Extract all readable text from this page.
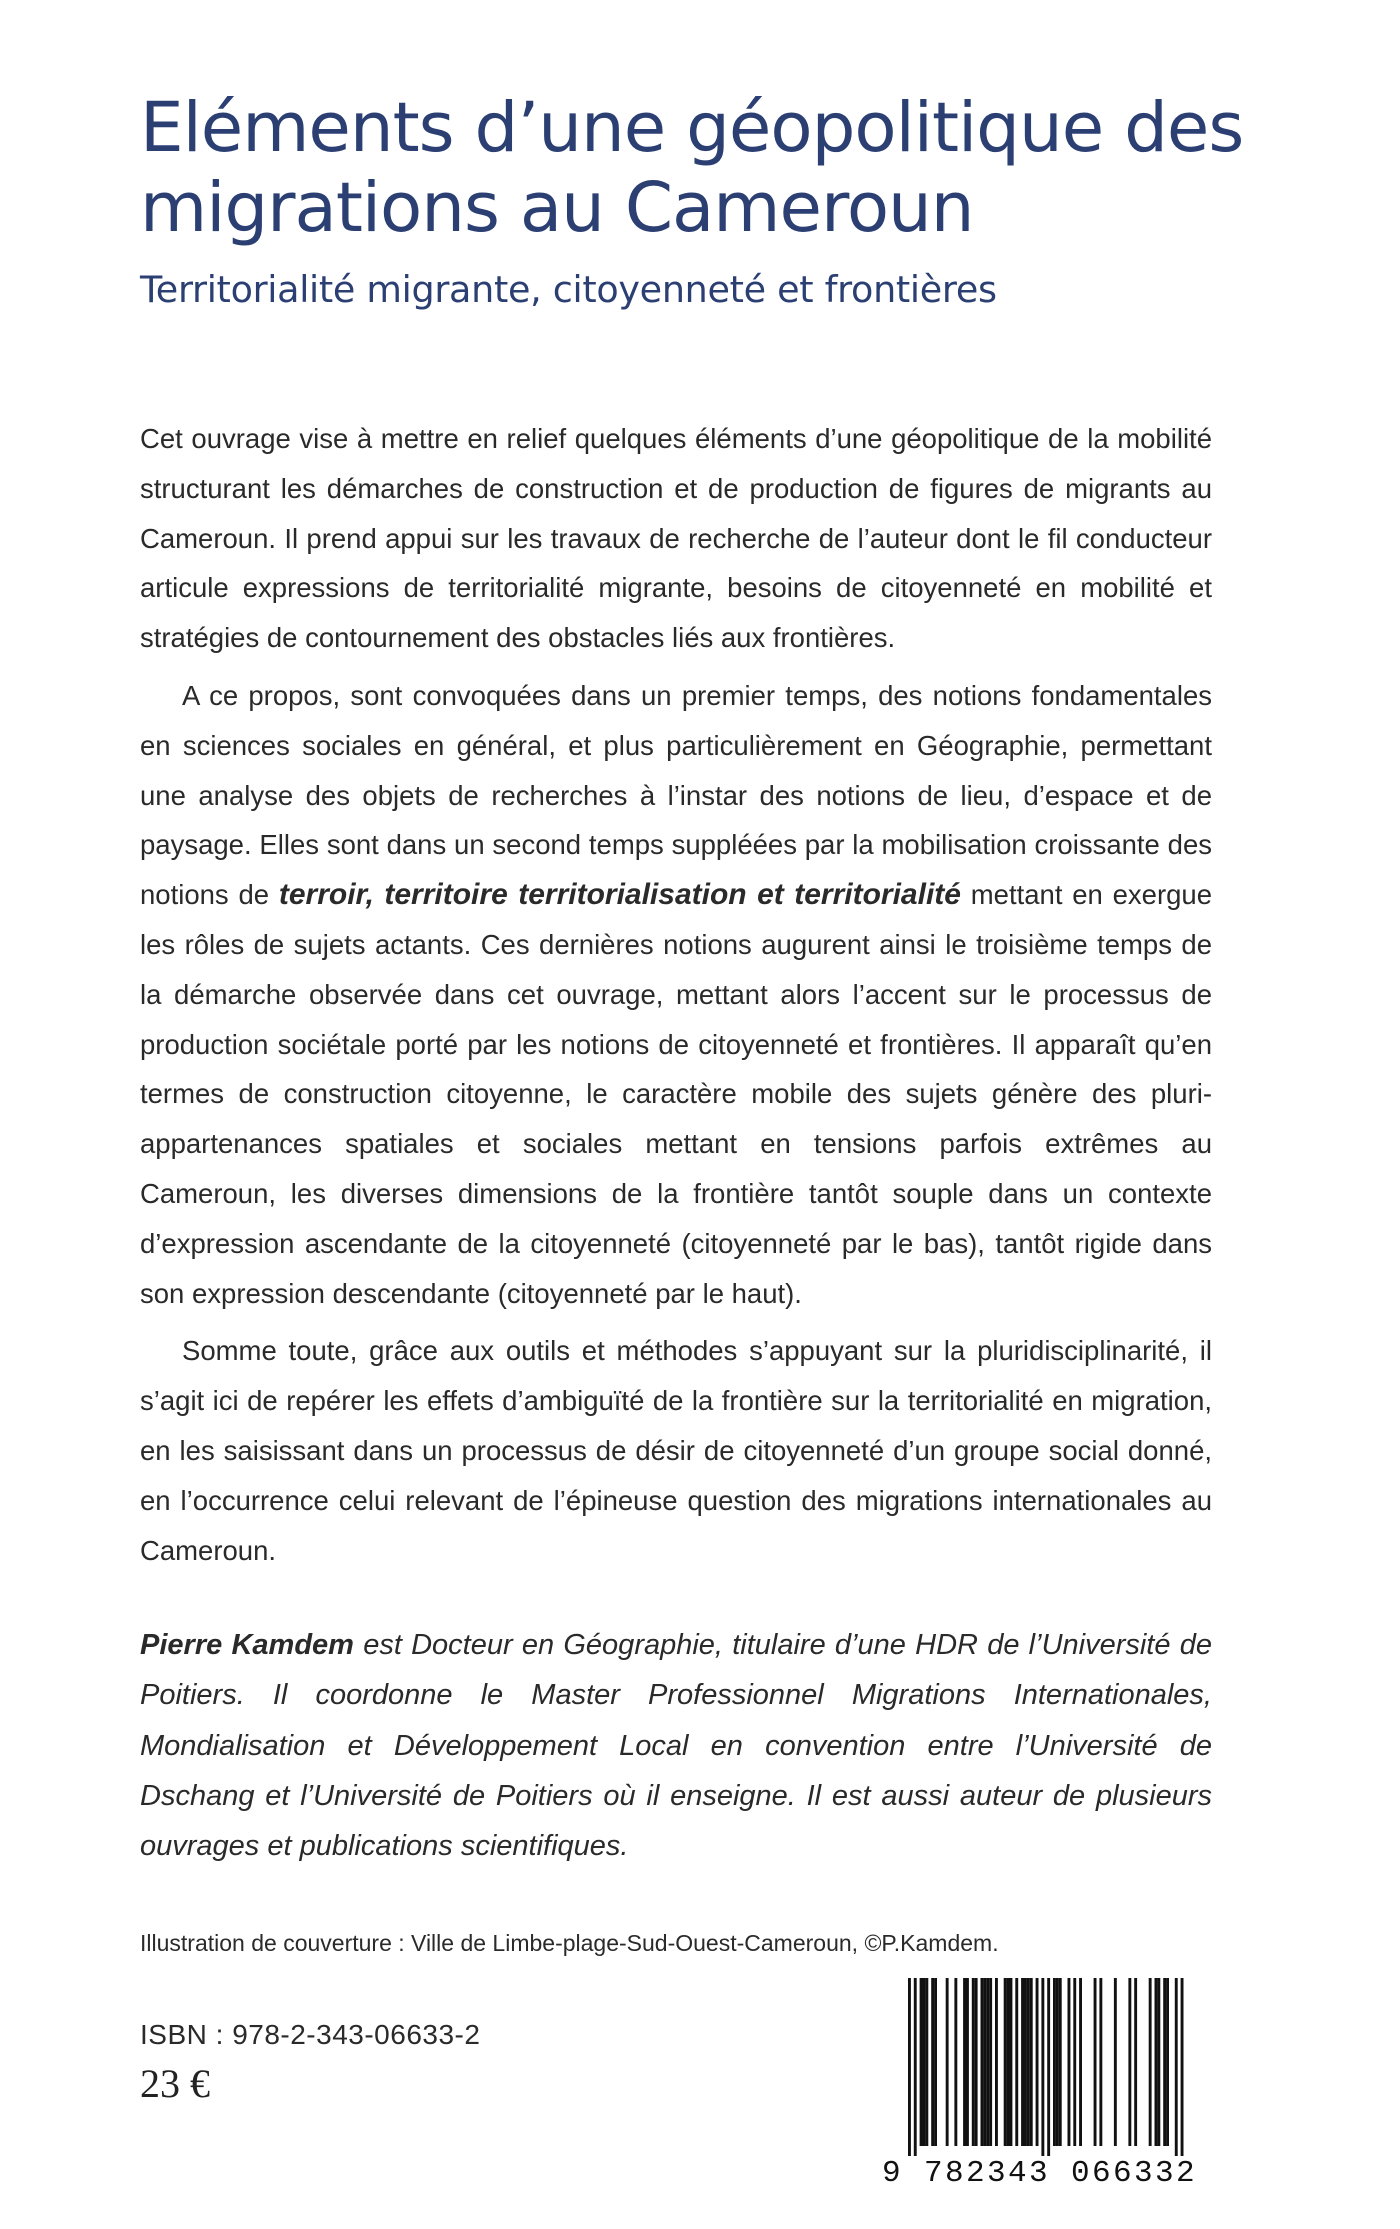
Eléments d’une géopolitique des migrations au Cameroun
Territorialité migrante, citoyenneté et frontières

Cet ouvrage vise à mettre en relief quelques éléments d’une géopolitique de la mobilité structurant les démarches de construction et de production de figures de migrants au Cameroun. Il prend appui sur les travaux de recherche de l’auteur dont le fil conducteur articule expressions de territorialité migrante, besoins de citoyenneté en mobilité et stratégies de contournement des obstacles liés aux frontières.

A ce propos, sont convoquées dans un premier temps, des notions fondamentales en sciences sociales en général, et plus particulièrement en Géographie, permettant une analyse des objets de recherches à l’instar des notions de lieu, d’espace et de paysage. Elles sont dans un second temps suppléées par la mobilisation croissante des notions de terroir, territoire territorialisation et territorialité mettant en exergue les rôles de sujets actants. Ces dernières notions augurent ainsi le troisième temps de la démarche observée dans cet ouvrage, mettant alors l’accent sur le processus de production sociétale porté par les notions de citoyenneté et frontières. Il apparaît qu’en termes de construction citoyenne, le caractère mobile des sujets génère des pluri-appartenances spatiales et sociales mettant en tensions parfois extrêmes au Cameroun, les diverses dimensions de la frontière tantôt souple dans un contexte d’expression ascendante de la citoyenneté (citoyenneté par le bas), tantôt rigide dans son expression descendante (citoyenneté par le haut).

Somme toute, grâce aux outils et méthodes s’appuyant sur la pluridisciplinarité, il s’agit ici de repérer les effets d’ambiguïté de la frontière sur la territorialité en migration, en les saisissant dans un processus de désir de citoyenneté d’un groupe social donné, en l’occurrence celui relevant de l’épineuse question des migrations internationales au Cameroun.

Pierre Kamdem est Docteur en Géographie, titulaire d’une HDR de l’Université de Poitiers. Il coordonne le Master Professionnel Migrations Internationales, Mondialisation et Développement Local en convention entre l’Université de Dschang et l’Université de Poitiers où il enseigne. Il est aussi auteur de plusieurs ouvrages et publications scientifiques.

Illustration de couverture : Ville de Limbe-plage-Sud-Ouest-Cameroun, ©P.Kamdem.
ISBN : 978-2-343-06633-2
23 €
9 782343 066332
